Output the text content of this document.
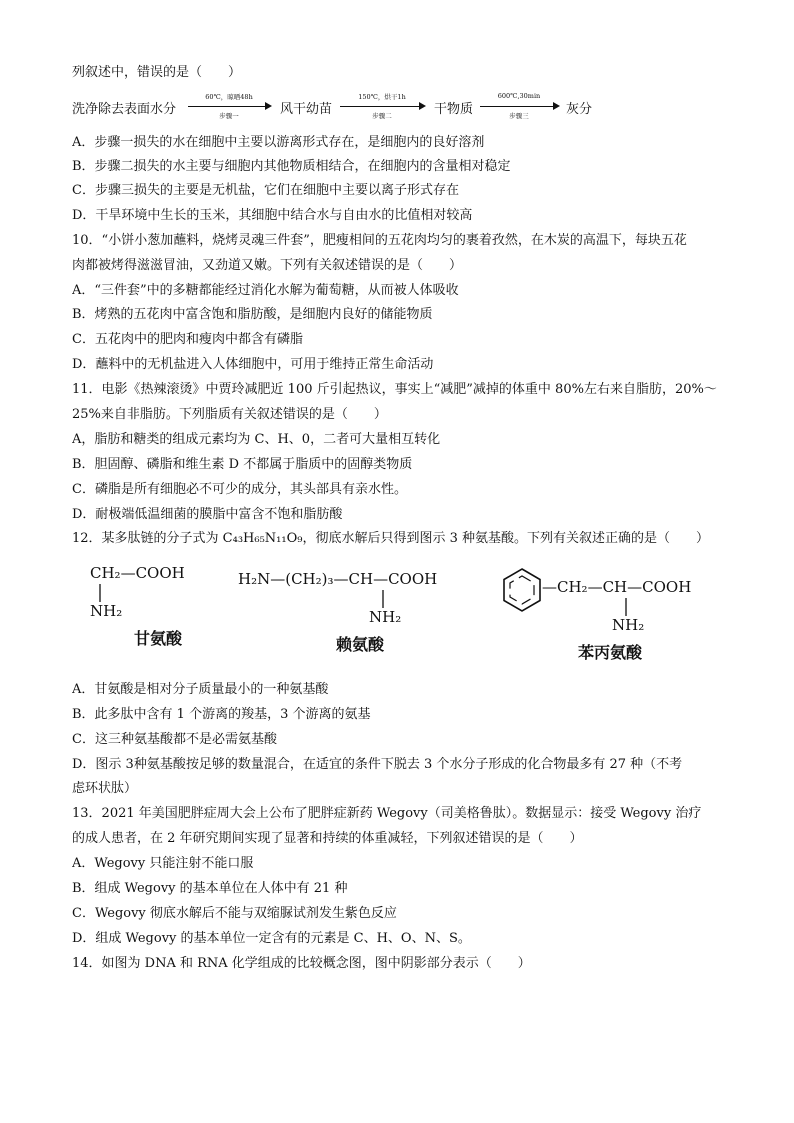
列叙述中，错误的是（　　）
洗净除去表面水分
60℃，晾晒48h
步骤一	风干幼苗
150℃，烘干1h
步骤二	干物质
600℃,30min
步骤三	灰分
A．步骤一损失的水在细胞中主要以游离形式存在，是细胞内的良好溶剂
B．步骤二损失的水主要与细胞内其他物质相结合，在细胞内的含量相对稳定
C．步骤三损失的主要是无机盐，它们在细胞中主要以离子形式存在
D．干旱环境中生长的玉米，其细胞中结合水与自由水的比值相对较高
10．“小饼小葱加蘸料，烧烤灵魂三件套”，肥瘦相间的五花肉均匀的裹着孜然，在木炭的高温下，每块五花
肉都被烤得滋滋冒油，又劲道又嫩。下列有关叙述错误的是（　　）
A．“三件套”中的多糖都能经过消化水解为葡萄糖，从而被人体吸收
B．烤熟的五花肉中富含饱和脂肪酸，是细胞内良好的储能物质
C．五花肉中的肥肉和瘦肉中都含有磷脂
D．蘸料中的无机盐进入人体细胞中，可用于维持正常生命活动
11．电影《热辣滚烫》中贾玲减肥近 100 斤引起热议，事实上“减肥”减掉的体重中 80%左右来自脂肪，20%～
25%来自非脂肪。下列脂质有关叙述错误的是（　　）
A，脂肪和糖类的组成元素均为 C、H、0，二者可大量相互转化
B．胆固醇、磷脂和维生素 D 不都属于脂质中的固醇类物质
C．磷脂是所有细胞必不可少的成分，其头部具有亲水性。
D．耐极端低温细菌的膜脂中富含不饱和脂肪酸
12．某多肽链的分子式为 C₄₃H₆₅N₁₁O₉，彻底水解后只得到图示 3 种氨基酸。下列有关叙述正确的是（　　）
CH₂—COOH
NH₂
甘氨酸
H₂N—(CH₂)₃—CH—COOH
NH₂
赖氨酸
—CH₂—CH—COOH
NH₂
苯丙氨酸
A．甘氨酸是相对分子质量最小的一种氨基酸
B．此多肽中含有 1 个游离的羧基，3 个游离的氨基
C．这三种氨基酸都不是必需氨基酸
D．图示 3种氨基酸按足够的数量混合，在适宜的条件下脱去 3 个水分子形成的化合物最多有 27 种（不考
虑环状肽）
13．2021 年美国肥胖症周大会上公布了肥胖症新药 Wegovy（司美格鲁肽）。数据显示：接受 Wegovy 治疗
的成人患者，在 2 年研究期间实现了显著和持续的体重减轻，下列叙述错误的是（　　）
A．Wegovy 只能注射不能口服
B．组成 Wegovy 的基本单位在人体中有 21 种
C．Wegovy 彻底水解后不能与双缩脲试剂发生紫色反应
D．组成 Wegovy 的基本单位一定含有的元素是 C、H、O、N、S。
14．如图为 DNA 和 RNA 化学组成的比较概念图，图中阴影部分表示（　　）
